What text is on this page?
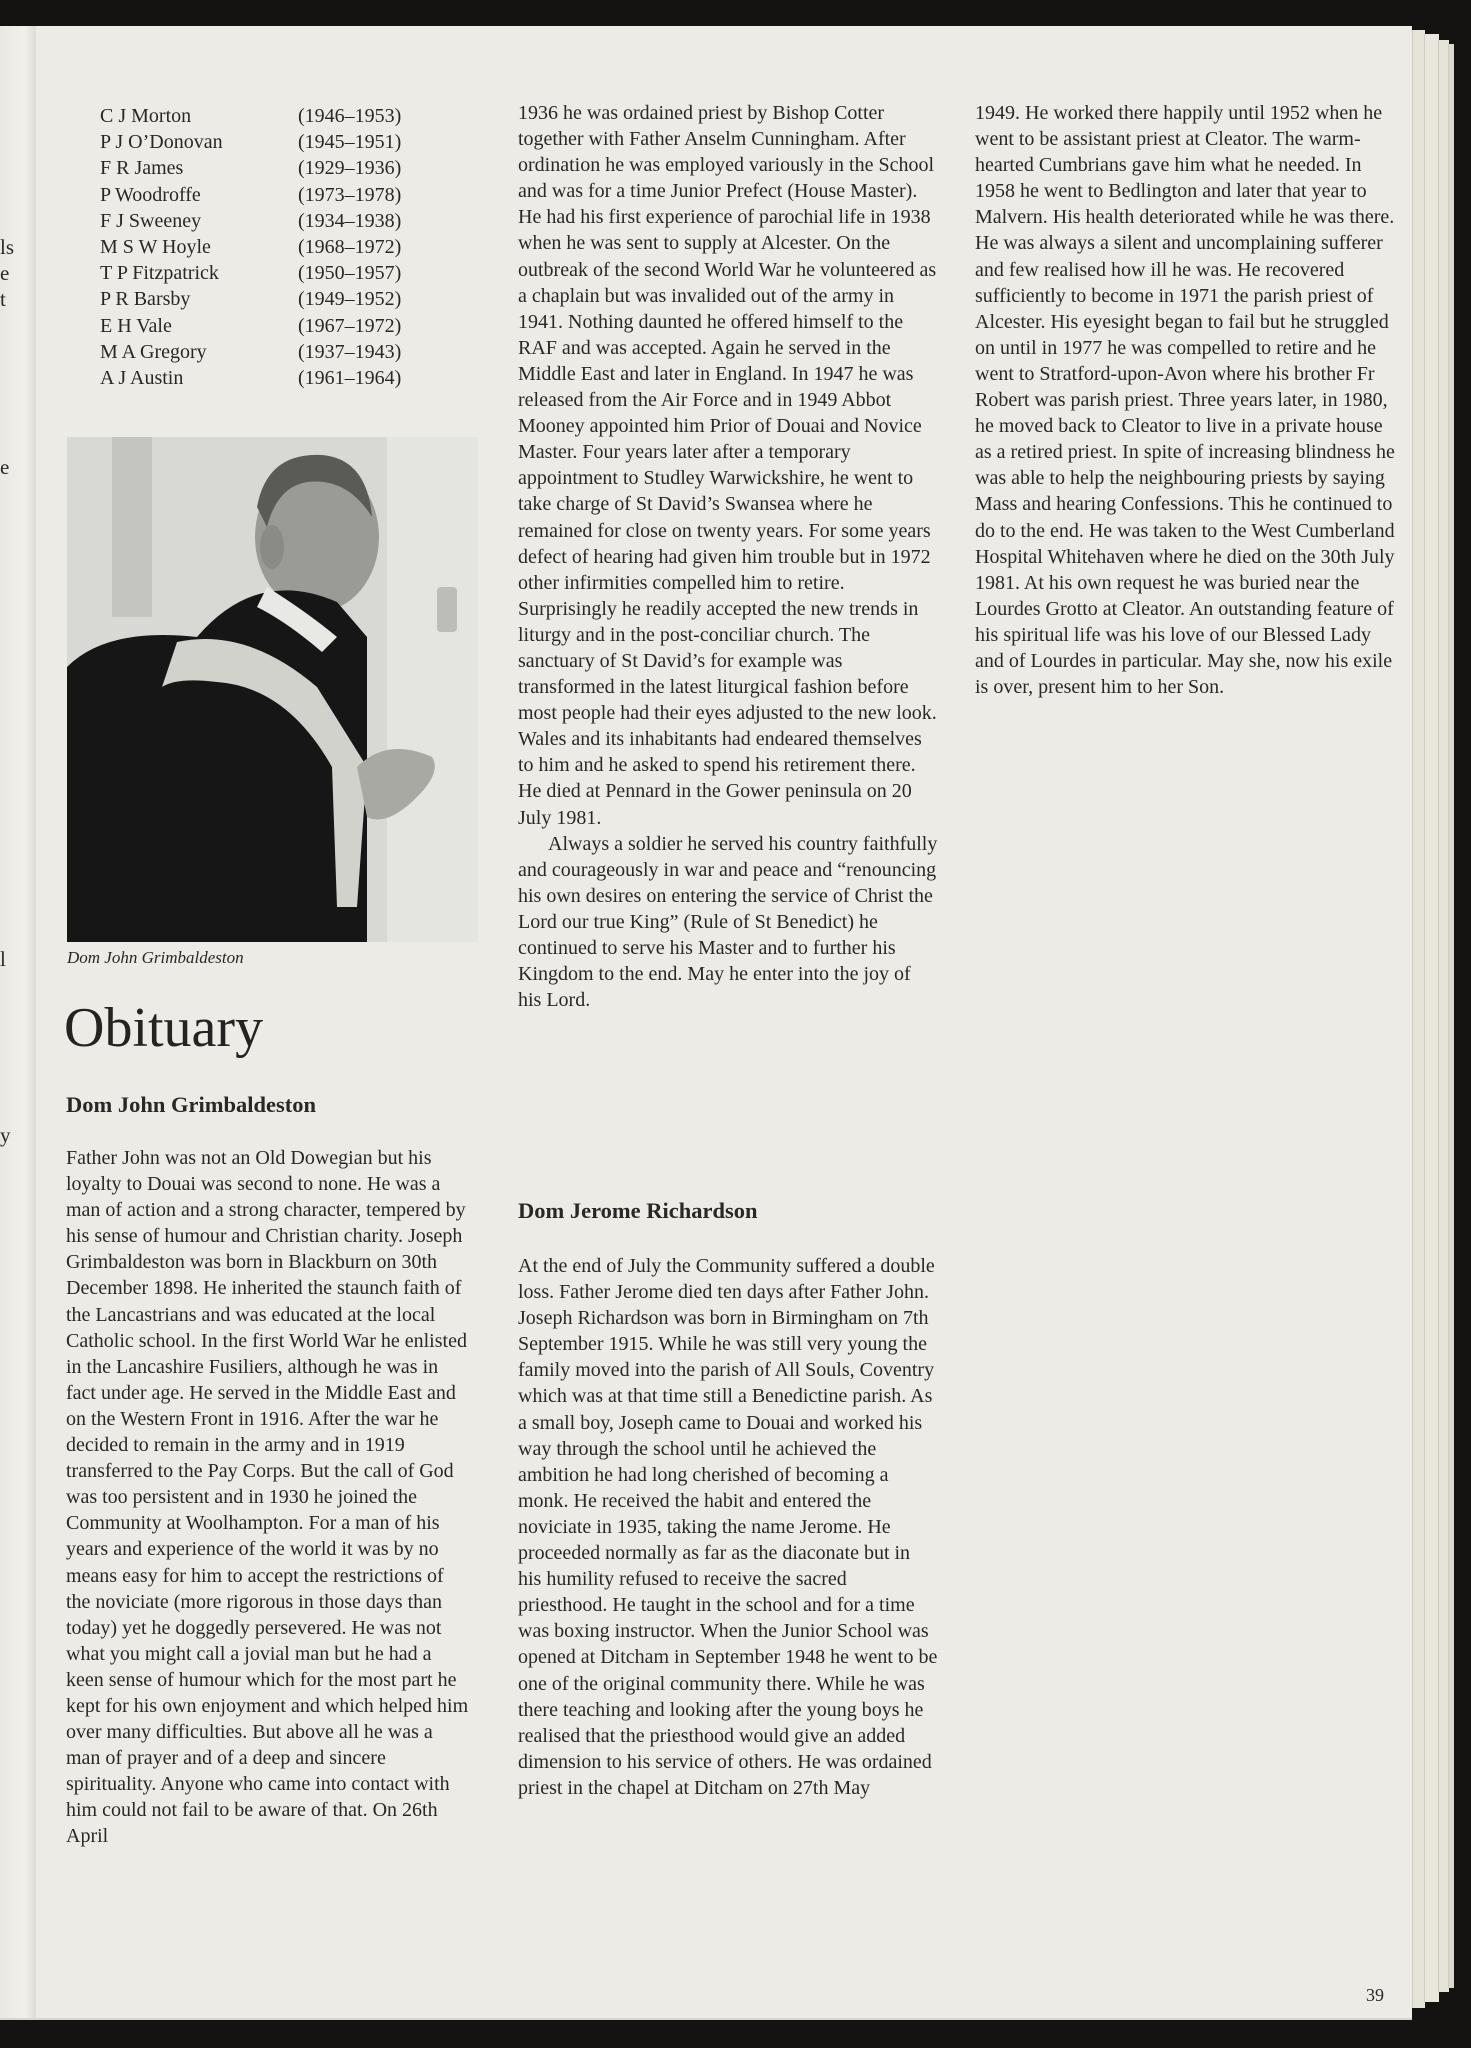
ls
e
t
e
l
y
C J Morton	(1946–1953)
P J O’Donovan	(1945–1951)
F R James	(1929–1936)
P Woodroffe	(1973–1978)
F J Sweeney	(1934–1938)
M S W Hoyle	(1968–1972)
T P Fitzpatrick	(1950–1957)
P R Barsby	(1949–1952)
E H Vale	(1967–1972)
M A Gregory	(1937–1943)
A J Austin	(1961–1964)
Dom John Grimbaldeston
Obituary
Dom John Grimbaldeston

Father John was not an Old Dowegian but his loyalty to Douai was second to none. He was a man of action and a strong character, tempered by his sense of humour and Christian charity. Joseph Grimbaldeston was born in Blackburn on 30th December 1898. He inherited the staunch faith of the Lancastrians and was educated at the local Catholic school. In the first World War he enlisted in the Lancashire Fusiliers, although he was in fact under age. He served in the Middle East and on the Western Front in 1916. After the war he decided to remain in the army and in 1919 transferred to the Pay Corps. But the call of God was too persistent and in 1930 he joined the Community at Woolhampton. For a man of his years and experience of the world it was by no means easy for him to accept the restrictions of the noviciate (more rigorous in those days than today) yet he doggedly persevered. He was not what you might call a jovial man but he had a keen sense of humour which for the most part he kept for his own enjoyment and which helped him over many difficulties. But above all he was a man of prayer and of a deep and sincere spirituality. Anyone who came into contact with him could not fail to be aware of that. On 26th April

1936 he was ordained priest by Bishop Cotter together with Father Anselm Cunningham. After ordination he was employed variously in the School and was for a time Junior Prefect (House Master). He had his first experience of parochial life in 1938 when he was sent to supply at Alcester. On the outbreak of the second World War he volunteered as a chaplain but was invalided out of the army in 1941. Nothing daunted he offered himself to the RAF and was accepted. Again he served in the Middle East and later in England. In 1947 he was released from the Air Force and in 1949 Abbot Mooney appointed him Prior of Douai and Novice Master. Four years later after a temporary appointment to Studley Warwickshire, he went to take charge of St David’s Swansea where he remained for close on twenty years. For some years defect of hearing had given him trouble but in 1972 other infirmities compelled him to retire. Surprisingly he readily accepted the new trends in liturgy and in the post-conciliar church. The sanctuary of St David’s for example was transformed in the latest liturgical fashion before most people had their eyes adjusted to the new look. Wales and its inhabitants had endeared themselves to him and he asked to spend his retirement there. He died at Pennard in the Gower peninsula on 20 July 1981.

Always a soldier he served his country faithfully and courageously in war and peace and “renouncing his own desires on entering the service of Christ the Lord our true King” (Rule of St Benedict) he continued to serve his Master and to further his Kingdom to the end. May he enter into the joy of his Lord.

Dom Jerome Richardson

At the end of July the Community suffered a double loss. Father Jerome died ten days after Father John. Joseph Richardson was born in Birmingham on 7th September 1915. While he was still very young the family moved into the parish of All Souls, Coventry which was at that time still a Benedictine parish. As a small boy, Joseph came to Douai and worked his way through the school until he achieved the ambition he had long cherished of becoming a monk. He received the habit and entered the noviciate in 1935, taking the name Jerome. He proceeded normally as far as the diaconate but in his humility refused to receive the sacred priesthood. He taught in the school and for a time was boxing instructor. When the Junior School was opened at Ditcham in September 1948 he went to be one of the original community there. While he was there teaching and looking after the young boys he realised that the priesthood would give an added dimension to his service of others. He was ordained priest in the chapel at Ditcham on 27th May

1949. He worked there happily until 1952 when he went to be assistant priest at Cleator. The warm-hearted Cumbrians gave him what he needed. In 1958 he went to Bedlington and later that year to Malvern. His health deteriorated while he was there. He was always a silent and uncomplaining sufferer and few realised how ill he was. He recovered sufficiently to become in 1971 the parish priest of Alcester. His eyesight began to fail but he struggled on until in 1977 he was compelled to retire and he went to Stratford-upon-Avon where his brother Fr Robert was parish priest. Three years later, in 1980, he moved back to Cleator to live in a private house as a retired priest. In spite of increasing blindness he was able to help the neighbouring priests by saying Mass and hearing Confessions. This he continued to do to the end. He was taken to the West Cumberland Hospital Whitehaven where he died on the 30th July 1981. At his own request he was buried near the Lourdes Grotto at Cleator. An outstanding feature of his spiritual life was his love of our Blessed Lady and of Lourdes in particular. May she, now his exile is over, present him to her Son.

39
